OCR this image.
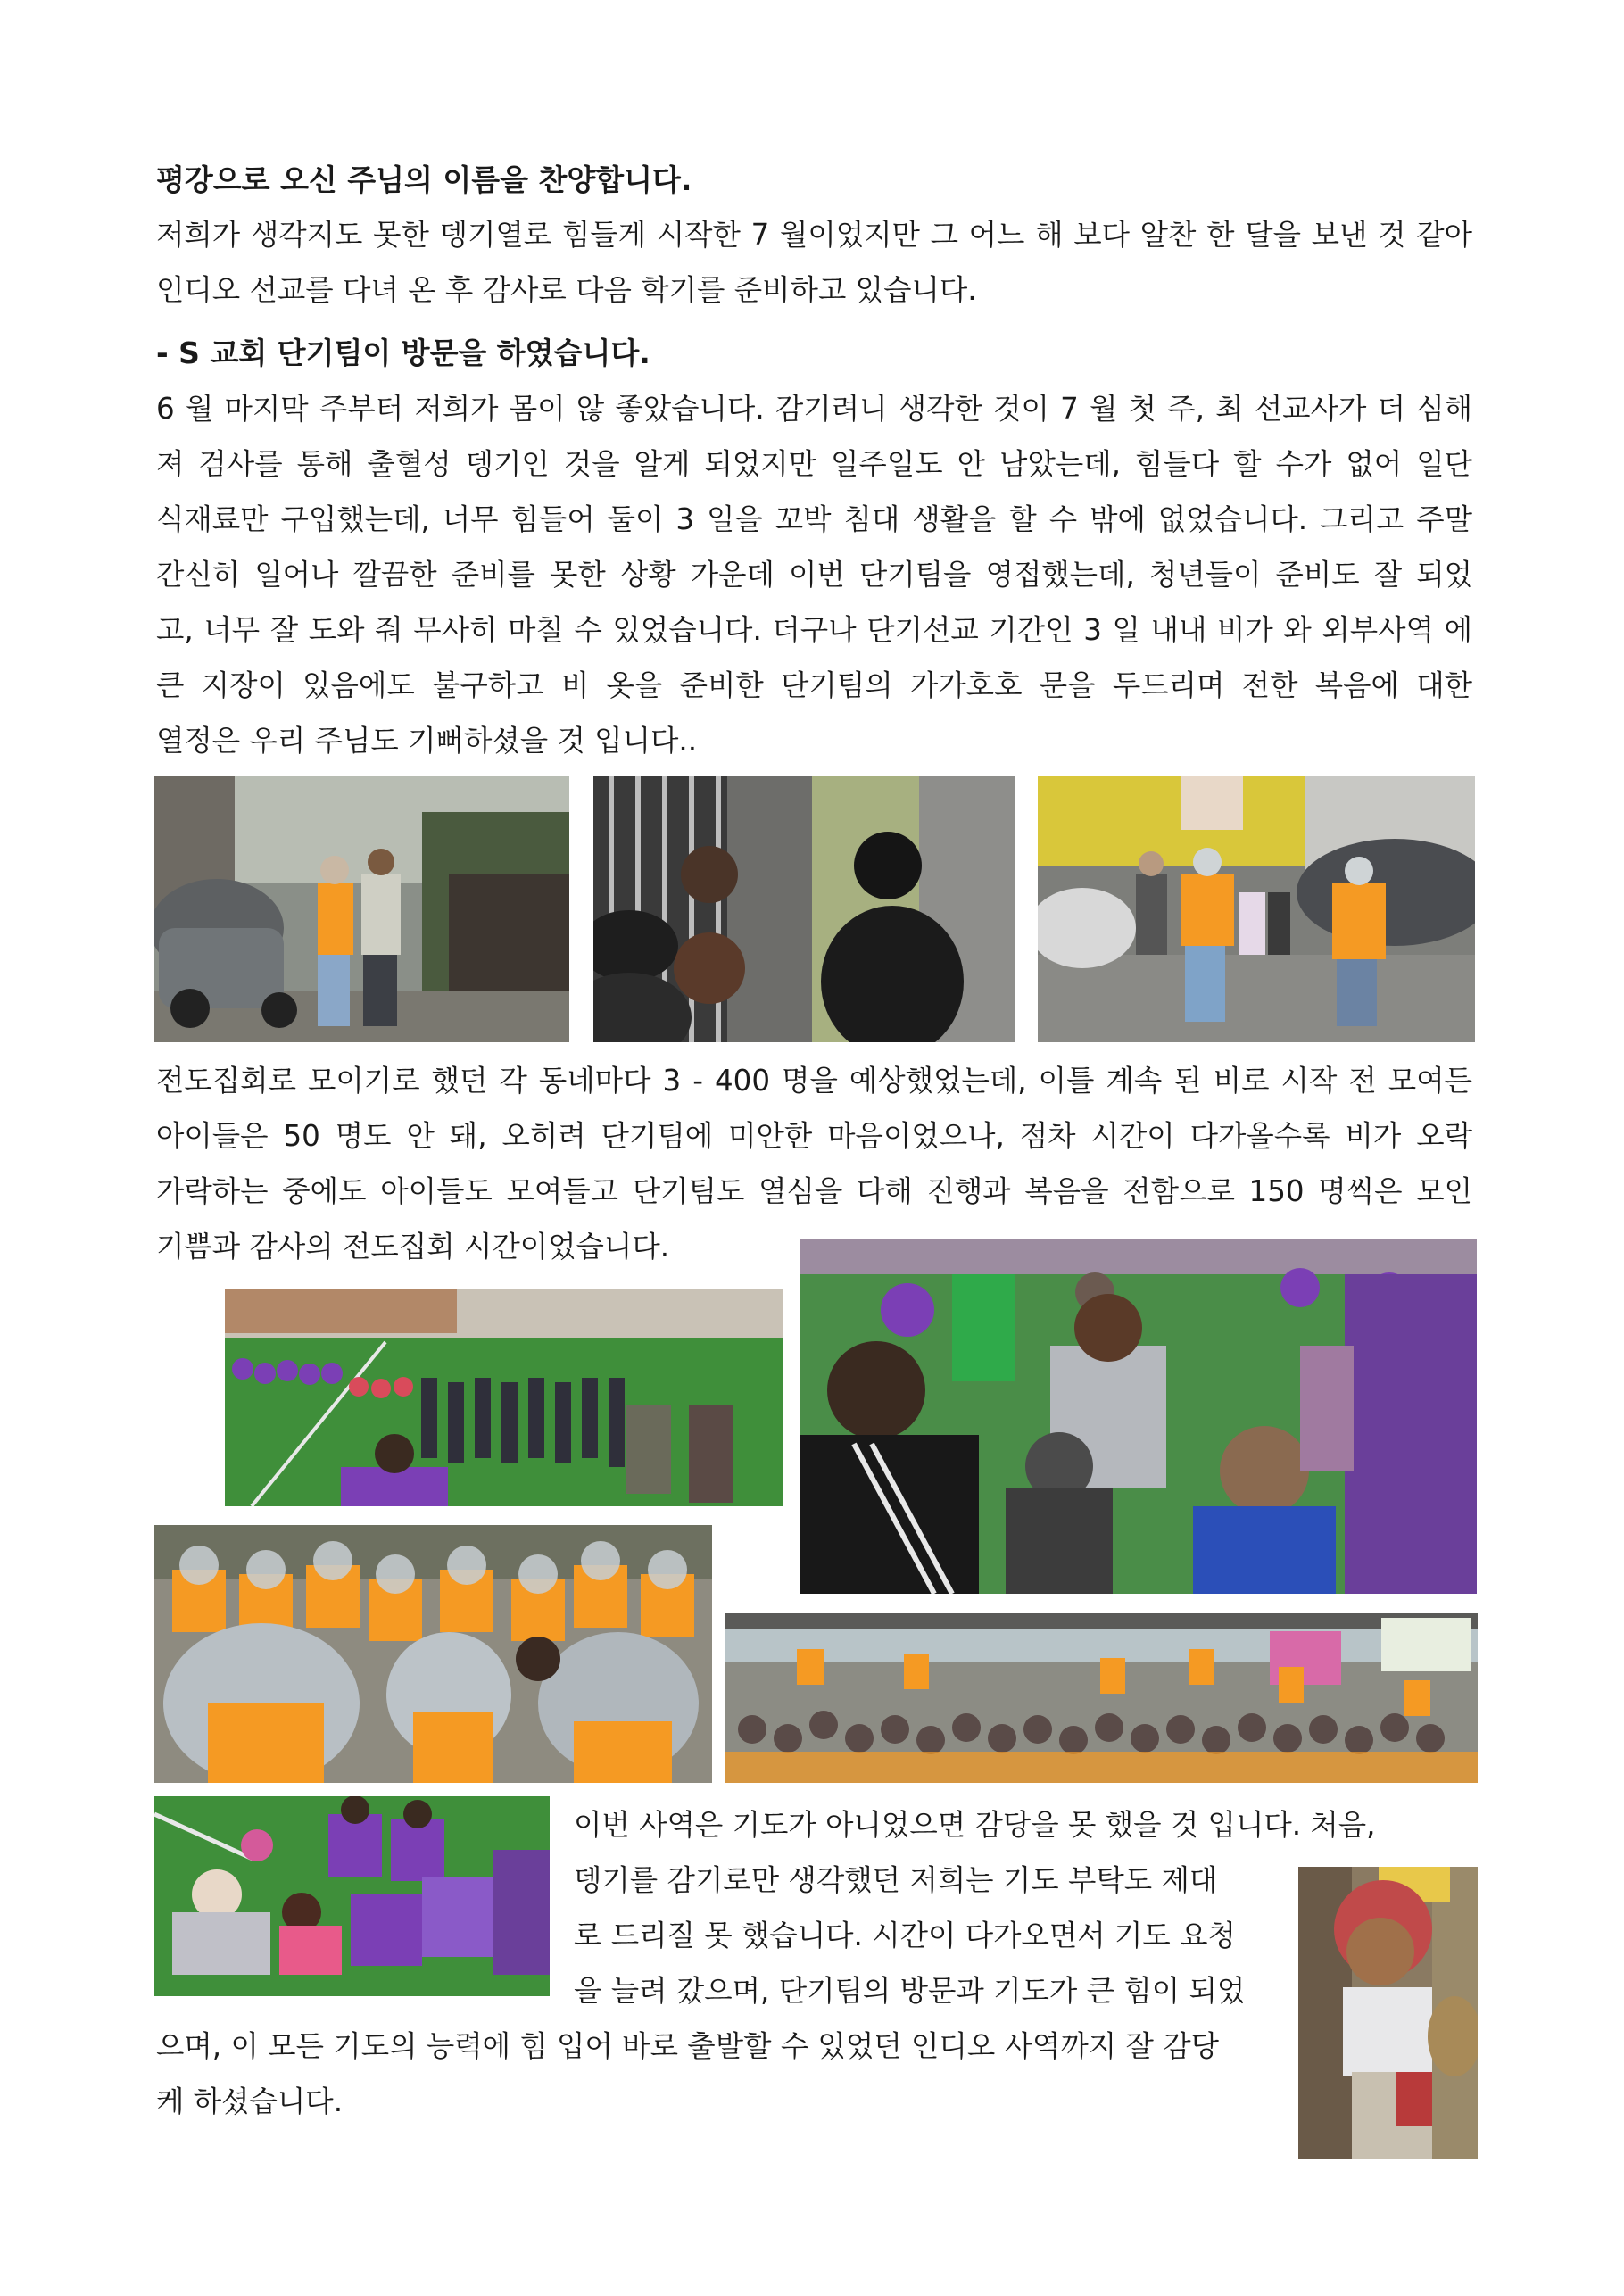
평강으로 오신 주님의 이름을 찬양합니다.
저희가 생각지도 못한 뎅기열로 힘들게 시작한 7 월이었지만 그 어느 해 보다 알찬 한 달을 보낸 것 같아
인디오 선교를 다녀 온 후 감사로 다음 학기를 준비하고 있습니다.
- S 교회 단기팀이 방문을 하였습니다.
6 월 마지막 주부터 저희가 몸이 않 좋았습니다. 감기려니 생각한 것이 7 월 첫 주, 최 선교사가 더 심해
져 검사를 통해 출혈성 뎅기인 것을 알게 되었지만 일주일도 안 남았는데, 힘들다 할 수가 없어 일단
식재료만 구입했는데, 너무 힘들어 둘이 3 일을 꼬박 침대 생활을 할 수 밖에 없었습니다. 그리고 주말
간신히 일어나 깔끔한 준비를 못한 상황 가운데 이번 단기팀을 영접했는데, 청년들이 준비도 잘 되었
고, 너무 잘 도와 줘 무사히 마칠 수 있었습니다. 더구나 단기선교 기간인 3 일 내내 비가 와 외부사역 에
큰 지장이 있음에도 불구하고 비 옷을 준비한 단기팀의 가가호호 문을 두드리며 전한 복음에 대한
열정은 우리 주님도 기뻐하셨을 것 입니다..
전도집회로 모이기로 했던 각 동네마다 3 - 400 명을 예상했었는데, 이틀 계속 된 비로 시작 전 모여든
아이들은 50 명도 안 돼, 오히려 단기팀에 미안한 마음이었으나, 점차 시간이 다가올수록 비가 오락
가락하는 중에도 아이들도 모여들고 단기팀도 열심을 다해 진행과 복음을 전함으로 150 명씩은 모인
기쁨과 감사의 전도집회 시간이었습니다.
이번 사역은 기도가 아니었으면 감당을 못 했을 것 입니다. 처음,
뎅기를 감기로만 생각했던 저희는 기도 부탁도 제대
로 드리질 못 했습니다. 시간이 다가오면서 기도 요청
을 늘려 갔으며, 단기팀의 방문과 기도가 큰 힘이 되었
으며, 이 모든 기도의 능력에 힘 입어 바로 출발할 수 있었던 인디오 사역까지 잘 감당
케 하셨습니다.
